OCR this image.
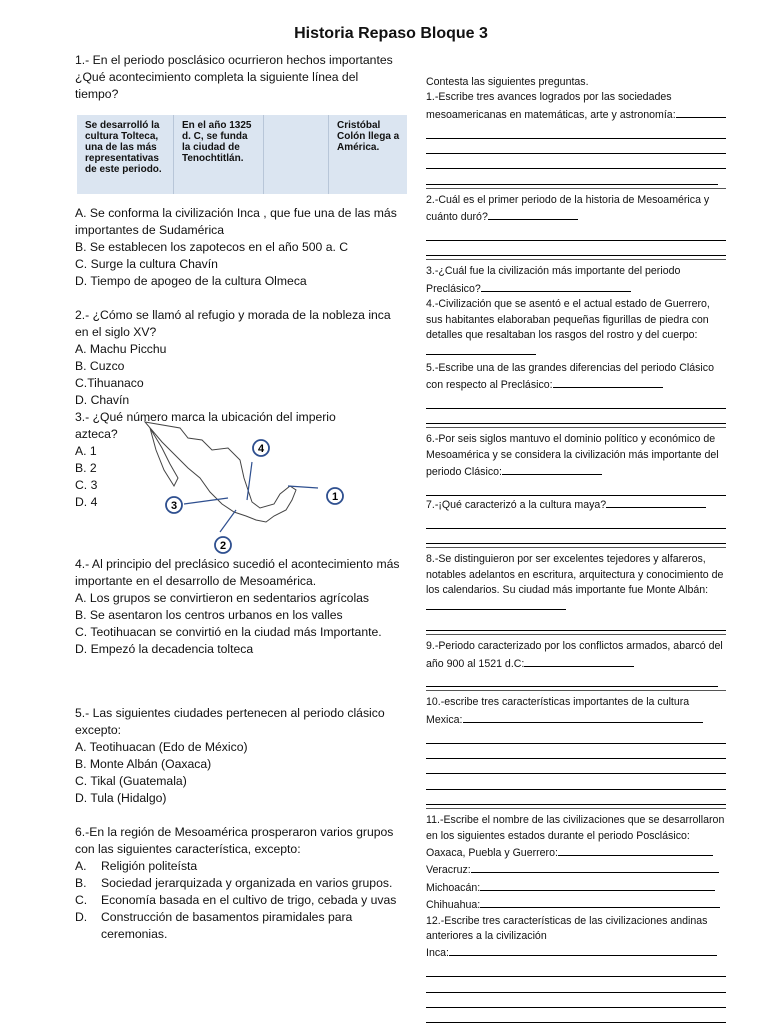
Historia Repaso Bloque 3

1.- En el periodo posclásico ocurrieron hechos importantes ¿Qué acontecimiento completa la siguiente línea del tiempo?

Se desarrolló la cultura Tolteca, una de las más representativas de este periodo.	En el año 1325 d. C, se funda la ciudad de Tenochtitlán.		Cristóbal Colón llega a América.

A. Se conforma la civilización Inca , que fue una de las más importantes de Sudamérica

B. Se establecen los zapotecos en el año 500 a. C

C. Surge la cultura Chavín

D. Tiempo de apogeo de la cultura Olmeca

2.- ¿Cómo se llamó al refugio y morada de la nobleza inca en el siglo XV?

A. Machu Picchu

B. Cuzco

C.Tihuanaco

D. Chavín

3.- ¿Qué número marca la ubicación del imperio azteca?

A. 1

B. 2

C. 3

D. 4

4
1
3
2

4.- Al principio del preclásico sucedió el acontecimiento más importante en el desarrollo de Mesoamérica.

A. Los grupos se convirtieron en sedentarios agrícolas

B. Se asentaron los centros urbanos en los valles

C. Teotihuacan se convirtió en la ciudad más Importante.

D. Empezó la decadencia tolteca

5.- Las siguientes ciudades pertenecen al periodo clásico excepto:

A. Teotihuacan (Edo de México)

B. Monte Albán (Oaxaca)

C. Tikal (Guatemala)

D. Tula (Hidalgo)

6.-En la región de Mesoamérica prosperaron varios grupos con las siguientes característica, excepto:

A. Religión politeísta

B. Sociedad jerarquizada y organizada en varios grupos.

C. Economía basada en el cultivo de trigo, cebada y uvas

D. Construcción de basamentos piramidales para ceremonias.

Contesta las siguientes preguntas.

1.-Escribe tres avances logrados por las sociedades mesoamericanas en matemáticas, arte y astronomía:

2.-Cuál es el primer periodo de la historia de Mesoamérica y cuánto duró?

3.-¿Cuál fue la civilización más importante del periodo Preclásico?

4.-Civilización que se asentó e el actual estado de Guerrero, sus habitantes elaboraban pequeñas figurillas de piedra con detalles que resaltaban los rasgos del rostro y del cuerpo:

5.-Escribe una de las grandes diferencias del periodo Clásico con respecto al Preclásico:

6.-Por seis siglos mantuvo el dominio político y económico de Mesoamérica y se considera la civilización más importante del periodo Clásico:

7.-¡Qué caracterizó a la cultura maya?

8.-Se distinguieron por ser excelentes tejedores y alfareros, notables adelantos en escritura, arquitectura y conocimiento de los calendarios. Su ciudad más importante fue Monte Albán:

9.-Periodo caracterizado por los conflictos armados, abarcó del año 900 al 1521 d.C:

10.-escribe tres características importantes de la cultura Mexica:

11.-Escribe el nombre de las civilizaciones que se desarrollaron en los siguientes estados durante el periodo Posclásico:

Oaxaca, Puebla y Guerrero:

Veracruz:

Michoacán:

Chihuahua:

12.-Escribe tres características de las civilizaciones andinas anteriores a la civilización

Inca:
